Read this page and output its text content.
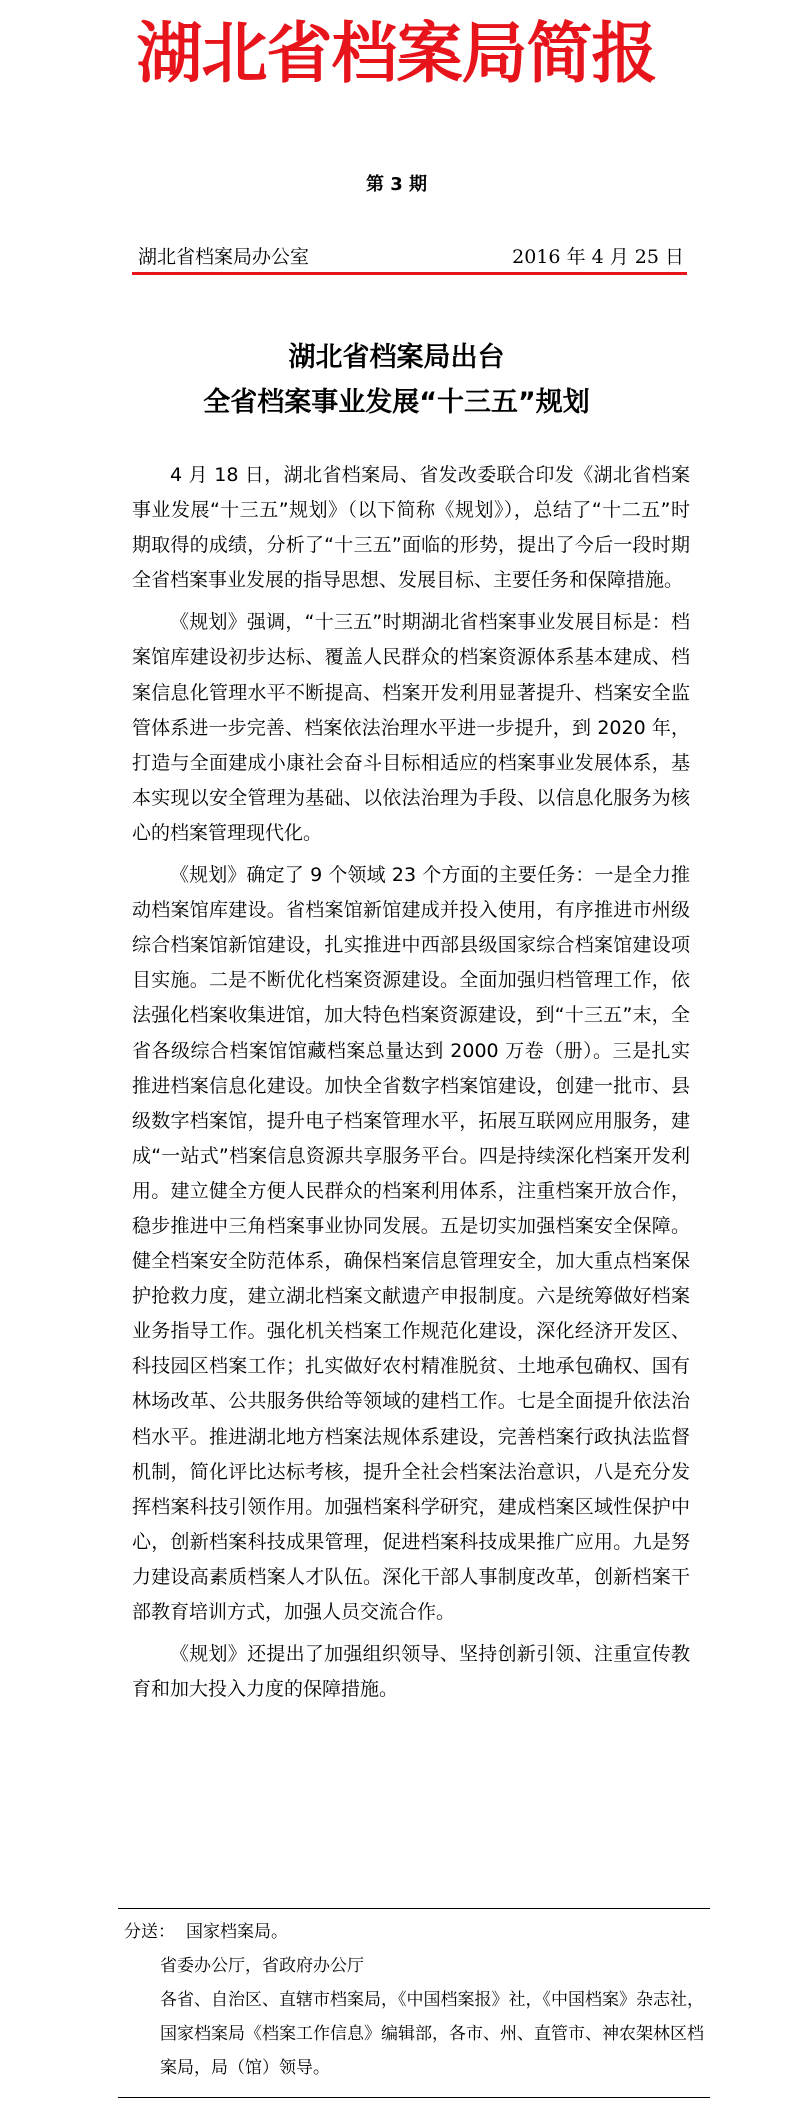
湖北省档案局简报
第 3 期
湖北省档案局办公室	2016 年 4 月 25 日
湖北省档案局出台
全省档案事业发展“十三五”规划

4 月 18 日，湖北省档案局、省发改委联合印发《湖北省档案事业发展“十三五”规划》（以下简称《规划》），总结了“十二五”时期取得的成绩，分析了“十三五”面临的形势，提出了今后一段时期全省档案事业发展的指导思想、发展目标、主要任务和保障措施。

《规划》强调，“十三五”时期湖北省档案事业发展目标是：档案馆库建设初步达标、覆盖人民群众的档案资源体系基本建成、档案信息化管理水平不断提高、档案开发利用显著提升、档案安全监管体系进一步完善、档案依法治理水平进一步提升，到 2020 年，打造与全面建成小康社会奋斗目标相适应的档案事业发展体系，基本实现以安全管理为基础、以依法治理为手段、以信息化服务为核心的档案管理现代化。

《规划》确定了 9 个领域 23 个方面的主要任务：一是全力推动档案馆库建设。省档案馆新馆建成并投入使用，有序推进市州级综合档案馆新馆建设，扎实推进中西部县级国家综合档案馆建设项目实施。二是不断优化档案资源建设。全面加强归档管理工作，依法强化档案收集进馆，加大特色档案资源建设，到“十三五”末，全省各级综合档案馆馆藏档案总量达到 2000 万卷（册）。三是扎实推进档案信息化建设。加快全省数字档案馆建设，创建一批市、县级数字档案馆，提升电子档案管理水平，拓展互联网应用服务，建成“一站式”档案信息资源共享服务平台。四是持续深化档案开发利用。建立健全方便人民群众的档案利用体系，注重档案开放合作，稳步推进中三角档案事业协同发展。五是切实加强档案安全保障。健全档案安全防范体系，确保档案信息管理安全，加大重点档案保护抢救力度，建立湖北档案文献遗产申报制度。六是统筹做好档案业务指导工作。强化机关档案工作规范化建设，深化经济开发区、科技园区档案工作；扎实做好农村精准脱贫、土地承包确权、国有林场改革、公共服务供给等领域的建档工作。七是全面提升依法治档水平。推进湖北地方档案法规体系建设，完善档案行政执法监督机制，简化评比达标考核，提升全社会档案法治意识，八是充分发挥档案科技引领作用。加强档案科学研究，建成档案区域性保护中心，创新档案科技成果管理，促进档案科技成果推广应用。九是努力建设高素质档案人才队伍。深化干部人事制度改革，创新档案干部教育培训方式，加强人员交流合作。

《规划》还提出了加强组织领导、坚持创新引领、注重宣传教育和加大投入力度的保障措施。

分送： 国家档案局。
省委办公厅，省政府办公厅
各省、自治区、直辖市档案局，《中国档案报》社，《中国档案》杂志社，国家档案局《档案工作信息》编辑部，各市、州、直管市、神农架林区档案局，局（馆）领导。
